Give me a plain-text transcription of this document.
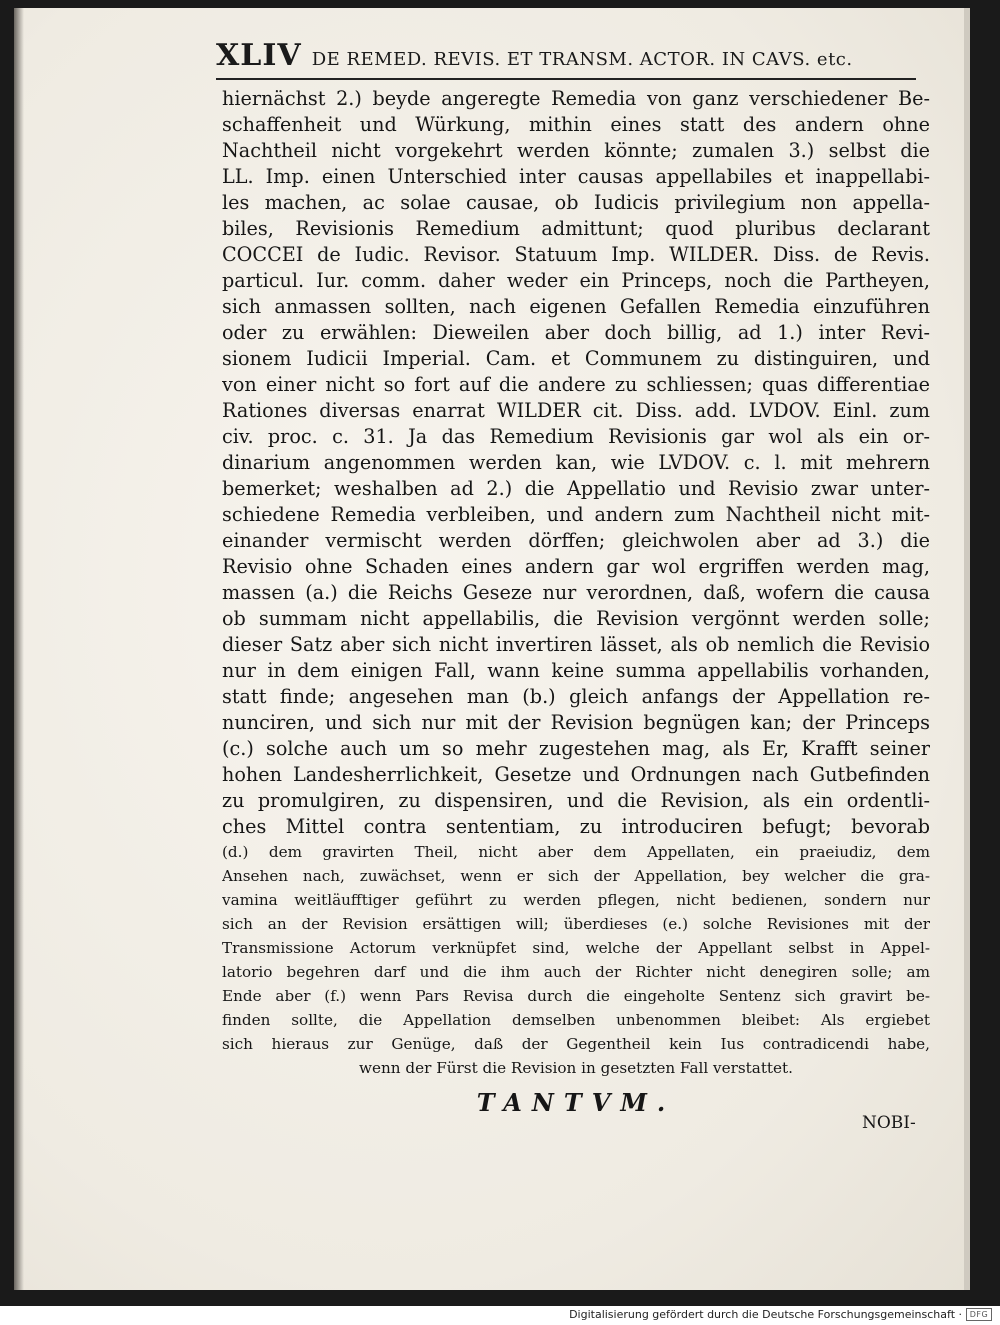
XLIV DE REMED. REVIS. ET TRANSM. ACTOR. IN CAVS. etc.
hiernächst 2.) beyde angeregte Remedia von ganz verschiedener Be-
schaffenheit und Würkung, mithin eines statt des andern ohne
Nachtheil nicht vorgekehrt werden könnte; zumalen 3.) selbst die
LL. Imp. einen Unterschied inter causas appellabiles et inappellabi-
les machen, ac solae causae, ob Iudicis privilegium non appella-
biles, Revisionis Remedium admittunt; quod pluribus declarant
COCCEI de Iudic. Revisor. Statuum Imp. WILDER. Diss. de Revis.
particul. Iur. comm. daher weder ein Princeps, noch die Partheyen,
sich anmassen sollten, nach eigenen Gefallen Remedia einzuführen
oder zu erwählen: Dieweilen aber doch billig, ad 1.) inter Revi-
sionem Iudicii Imperial. Cam. et Communem zu distinguiren, und
von einer nicht so fort auf die andere zu schliessen; quas differentiae
Rationes diversas enarrat WILDER cit. Diss. add. LVDOV. Einl. zum
civ. proc. c. 31. Ja das Remedium Revisionis gar wol als ein or-
dinarium angenommen werden kan, wie LVDOV. c. l. mit mehrern
bemerket; weshalben ad 2.) die Appellatio und Revisio zwar unter-
schiedene Remedia verbleiben, und andern zum Nachtheil nicht mit-
einander vermischt werden dörffen; gleichwolen aber ad 3.) die
Revisio ohne Schaden eines andern gar wol ergriffen werden mag,
massen (a.) die Reichs Geseze nur verordnen, daß, wofern die causa
ob summam nicht appellabilis, die Revision vergönnt werden solle;
dieser Satz aber sich nicht invertiren lässet, als ob nemlich die Revisio
nur in dem einigen Fall, wann keine summa appellabilis vorhanden,
statt finde; angesehen man (b.) gleich anfangs der Appellation re-
nunciren, und sich nur mit der Revision begnügen kan; der Princeps
(c.) solche auch um so mehr zugestehen mag, als Er, Krafft seiner
hohen Landesherrlichkeit, Gesetze und Ordnungen nach Gutbefinden
zu promulgiren, zu dispensiren, und die Revision, als ein ordentli-
ches Mittel contra sententiam, zu introduciren befugt; bevorab
(d.) dem gravirten Theil, nicht aber dem Appellaten, ein praeiudiz, dem
Ansehen nach, zuwächset, wenn er sich der Appellation, bey welcher die gra-
vamina weitläufftiger geführt zu werden pflegen, nicht bedienen, sondern nur
sich an der Revision ersättigen will; überdieses (e.) solche Revisiones mit der
Transmissione Actorum verknüpfet sind, welche der Appellant selbst in Appel-
latorio begehren darf und die ihm auch der Richter nicht denegiren solle; am
Ende aber (f.) wenn Pars Revisa durch die eingeholte Sentenz sich gravirt be-
finden sollte, die Appellation demselben unbenommen bleibet: Als ergiebet
sich hieraus zur Genüge, daß der Gegentheil kein Ius contradicendi habe,
wenn der Fürst die Revision in gesetzten Fall verstattet.
TANTVM.
NOBI-
Digitalisierung gefördert durch die Deutsche Forschungsgemeinschaft · DFG
